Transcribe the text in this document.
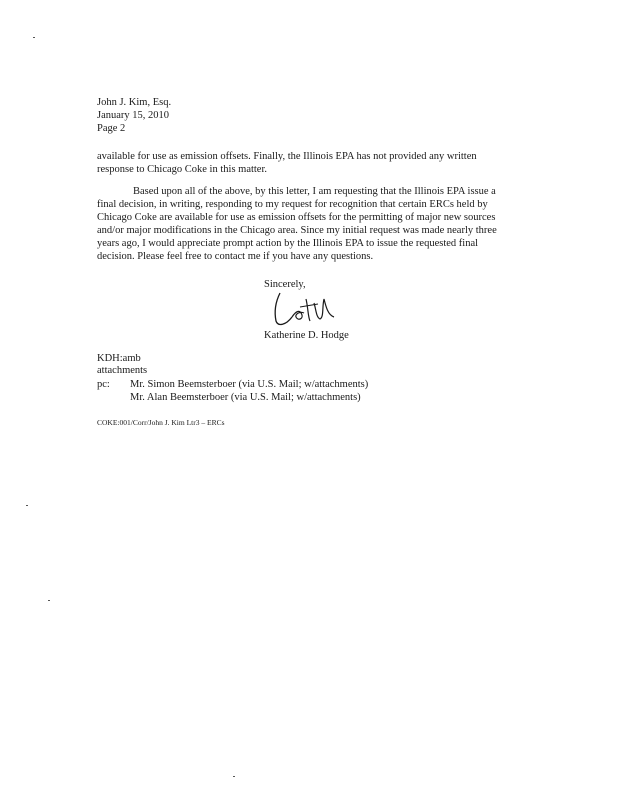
John J. Kim, Esq.
January 15, 2010
Page 2
available for use as emission offsets. Finally, the Illinois EPA has not provided any written
response to Chicago Coke in this matter.
Based upon all of the above, by this letter, I am requesting that the Illinois EPA issue a
final decision, in writing, responding to my request for recognition that certain ERCs held by
Chicago Coke are available for use as emission offsets for the permitting of major new sources
and/or major modifications in the Chicago area. Since my initial request was made nearly three
years ago, I would appreciate prompt action by the Illinois EPA to issue the requested final
decision. Please feel free to contact me if you have any questions.
Sincerely,
Katherine D. Hodge
KDH:amb
attachments
pc:	Mr. Simon Beemsterboer (via U.S. Mail; w/attachments)
Mr. Alan Beemsterboer (via U.S. Mail; w/attachments)
COKE:001/Corr/John J. Kim Ltr3 – ERCs
